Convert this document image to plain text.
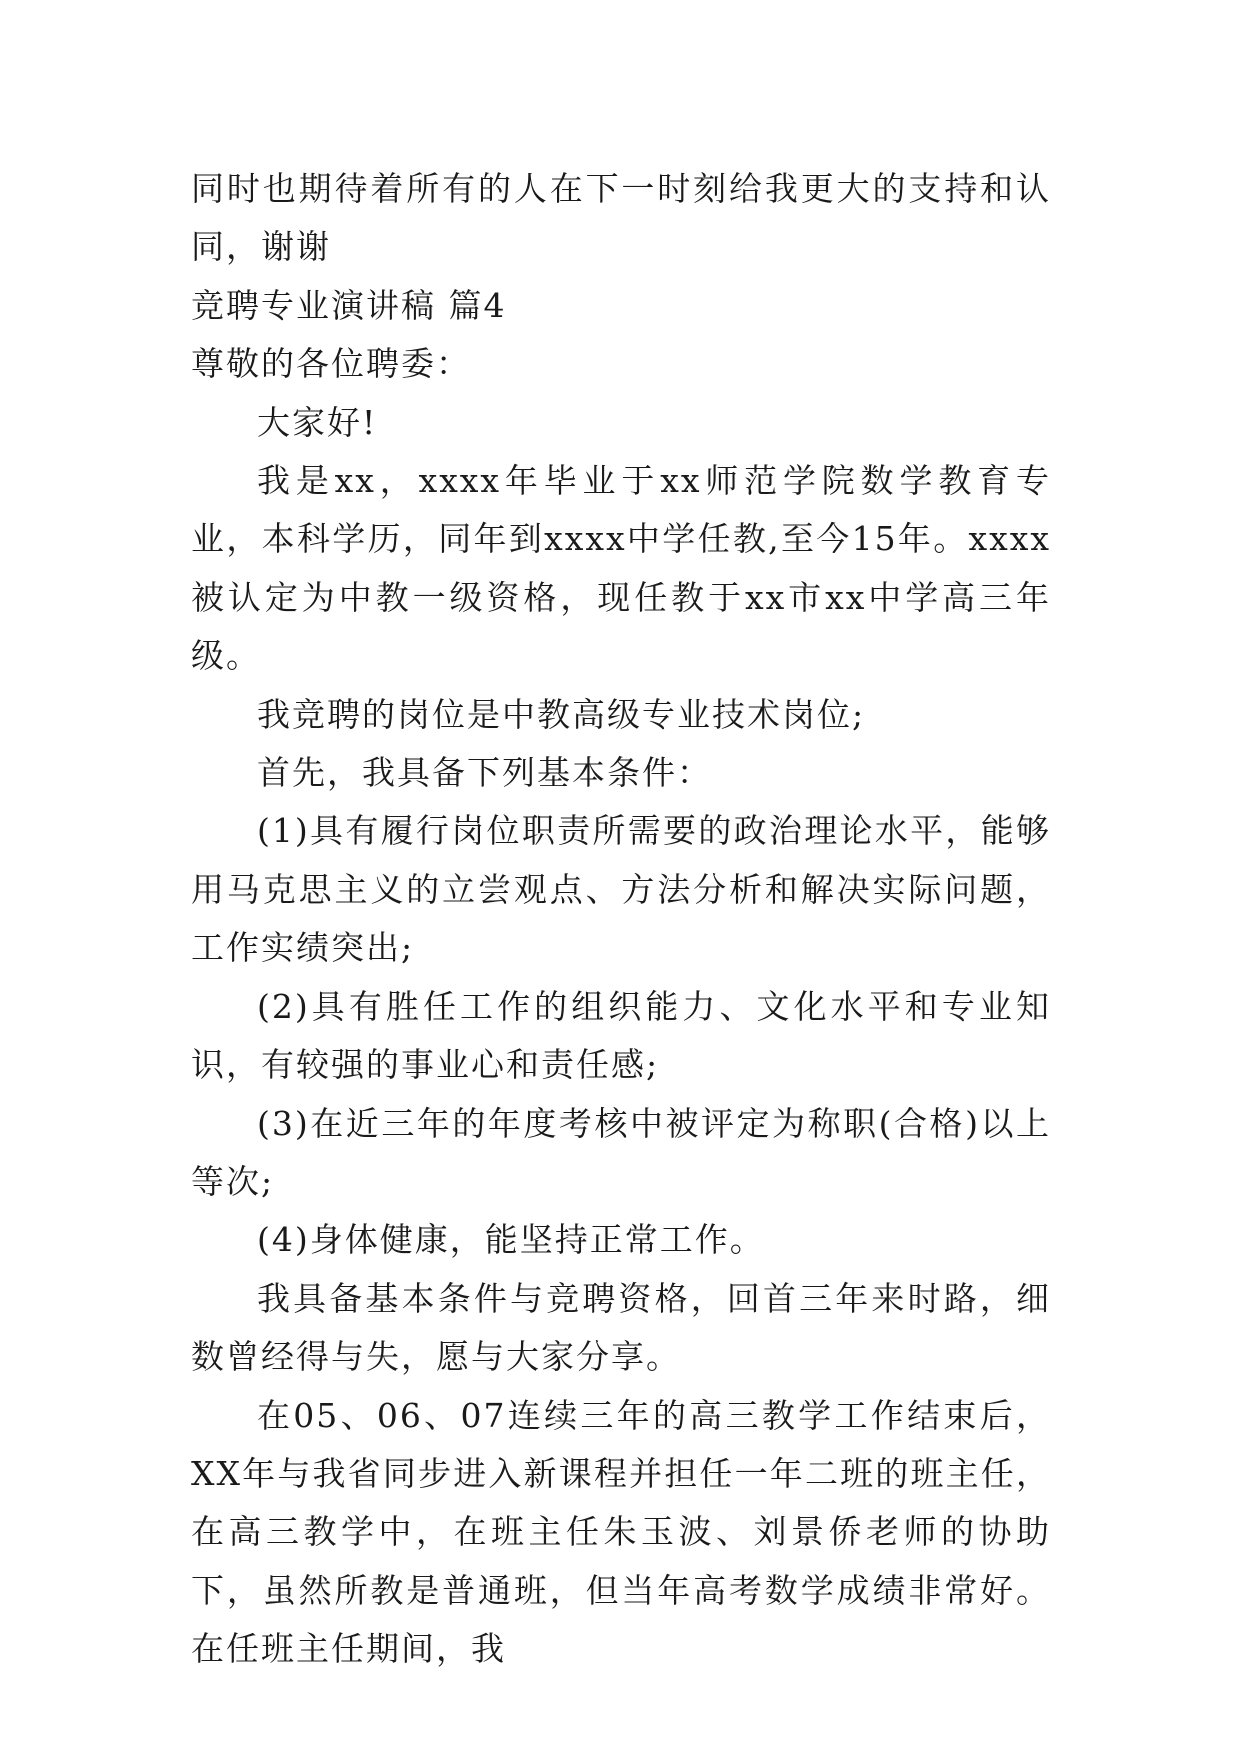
同时也期待着所有的人在下一时刻给我更大的支持和认同，谢谢

竞聘专业演讲稿 篇4

尊敬的各位聘委：

大家好!

我是xx，xxxx年毕业于xx师范学院数学教育专业，本科学历，同年到xxxx中学任教,至今15年。xxxx被认定为中教一级资格，现任教于xx市xx中学高三年级。

我竞聘的岗位是中教高级专业技术岗位;

首先，我具备下列基本条件：

(1)具有履行岗位职责所需要的政治理论水平，能够用马克思主义的立尝观点、方法分析和解决实际问题，工作实绩突出;

(2)具有胜任工作的组织能力、文化水平和专业知识，有较强的事业心和责任感;

(3)在近三年的年度考核中被评定为称职(合格)以上等次;

(4)身体健康，能坚持正常工作。

我具备基本条件与竞聘资格，回首三年来时路，细数曾经得与失，愿与大家分享。

在05、06、07连续三年的高三教学工作结束后， XX年与我省同步进入新课程并担任一年二班的班主任，在高三教学中，在班主任朱玉波、刘景侨老师的协助下，虽然所教是普通班，但当年高考数学成绩非常好。在任班主任期间，我
